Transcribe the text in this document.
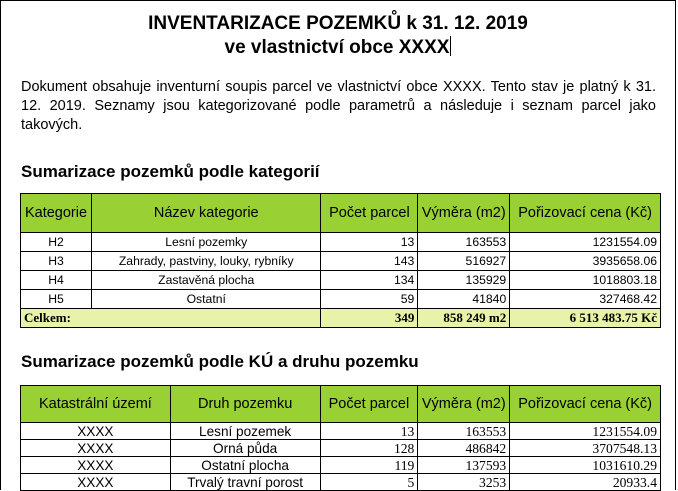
INVENTARIZACE POZEMKŮ k 31. 12. 2019
ve vlastnictví obce XXXX

Dokument obsahuje inventurní soupis parcel ve vlastnictví obce XXXX. Tento stav je platný k 31. 12. 2019. Seznamy jsou kategorizované podle parametrů a následuje i seznam parcel jako takových.

Sumarizace pozemků podle kategorií
Kategorie	Název kategorie	Počet parcel	Výměra (m2)	Pořizovací cena (Kč)
H2	Lesní pozemky	13	163553	1231554.09
H3	Zahrady, pastviny, louky, rybníky	143	516927	3935658.06
H4	Zastavěná plocha	134	135929	1018803.18
H5	Ostatní	59	41840	327468.42
Celkem:		349	858 249 m2	6 513 483.75 Kč
Sumarizace pozemků podle KÚ a druhu pozemku
Katastrální území	Druh pozemku	Počet parcel	Výměra (m2)	Pořizovací cena (Kč)
XXXX	Lesní pozemek	13	163553	1231554.09
XXXX	Orná půda	128	486842	3707548.13
XXXX	Ostatní plocha	119	137593	1031610.29
XXXX	Trvalý travní porost	5	3253	20933.4
